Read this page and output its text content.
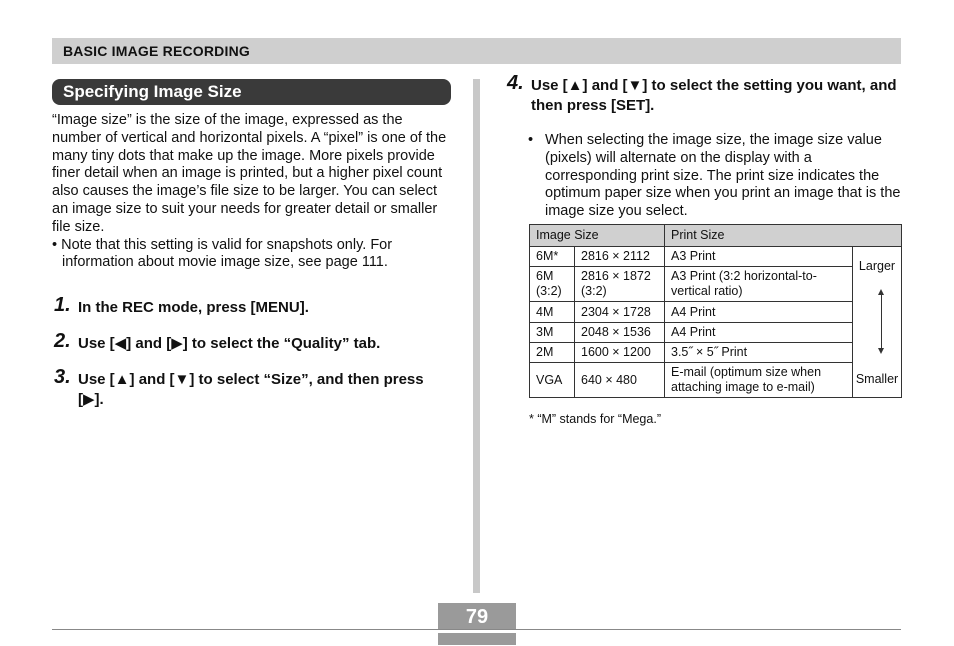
BASIC IMAGE RECORDING
Specifying Image Size

“Image size” is the size of the image, expressed as the number of vertical and horizontal pixels. A “pixel” is one of the many tiny dots that make up the image. More pixels provide finer detail when an image is printed, but a higher pixel count also causes the image’s file size to be larger. You can select an image size to suit your needs for greater detail or smaller file size.

• Note that this setting is valid for snapshots only. For information about movie image size, see page 111.

1. In the REC mode, press [MENU].
2. Use [◀] and [▶] to select the “Quality” tab.
3. Use [▲] and [▼] to select “Size”, and then press [▶].
4. Use [▲] and [▼] to select the setting you want, and then press [SET].
• When selecting the image size, the image size value (pixels) will alternate on the display with a corresponding print size. The print size indicates the optimum paper size when you print an image that is the image size you select.
Image Size		Print Size	
6M*	2816 × 2112	A3 Print	Larger
Smaller

6M (3:2)	2816 × 1872 (3:2)	A3 Print (3:2 horizontal-to-vertical ratio)	
4M	2304 × 1728	A4 Print	
3M	2048 × 1536	A4 Print	
2M	1600 × 1200	3.5˝ × 5˝ Print	
VGA	640 × 480	E-mail (optimum size when attaching image to e-mail)	
* “M” stands for “Mega.”
79
